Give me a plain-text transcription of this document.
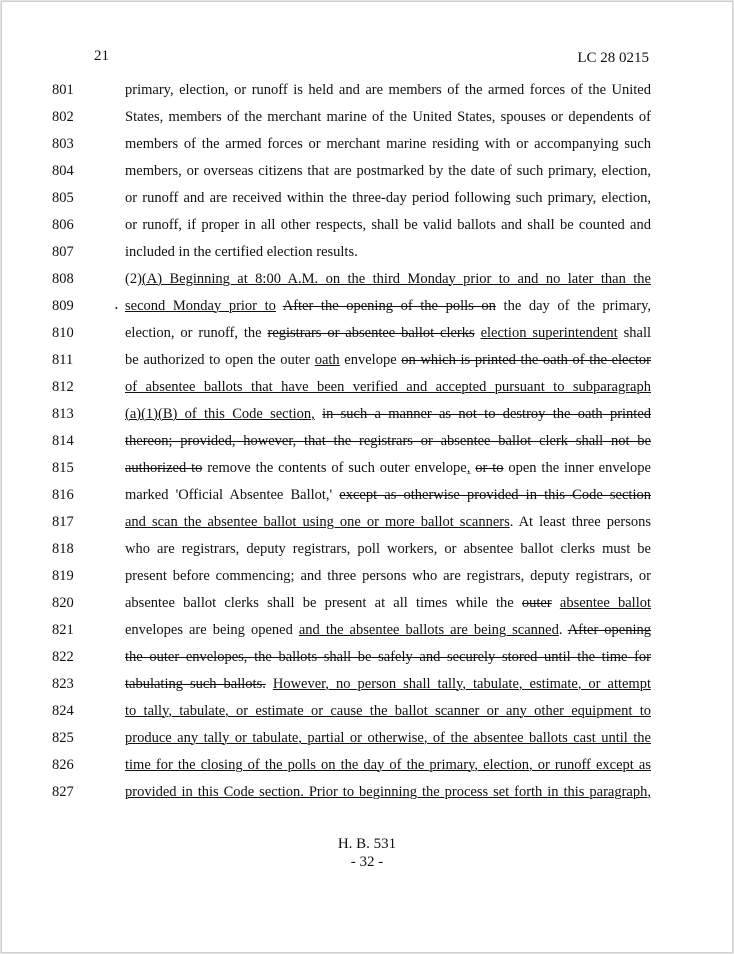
21	LC 28 0215
801	primary, election, or runoff is held and are members of the armed forces of the United
802	States, members of the merchant marine of the United States, spouses or dependents of
803	members of the armed forces or merchant marine residing with or accompanying such
804	members, or overseas citizens that are postmarked by the date of such primary, election,
805	or runoff and are received within the three-day period following such primary, election,
806	or runoff, if proper in all other respects, shall be valid ballots and shall be counted and
807	included in the certified election results.
808	(2)(A) Beginning at 8:00 A.M. on the third Monday prior to and no later than the
809	• second Monday prior to After the opening of the polls on the day of the primary,
810	election, or runoff, the registrars or absentee ballot clerks election superintendent shall
811	be authorized to open the outer oath envelope on which is printed the oath of the elector
812	of absentee ballots that have been verified and accepted pursuant to subparagraph
813	(a)(1)(B) of this Code section, in such a manner as not to destroy the oath printed
814	thereon; provided, however, that the registrars or absentee ballot clerk shall not be
815	authorized to remove the contents of such outer envelope, or to open the inner envelope
816	marked 'Official Absentee Ballot,' except as otherwise provided in this Code section
817	and scan the absentee ballot using one or more ballot scanners. At least three persons
818	who are registrars, deputy registrars, poll workers, or absentee ballot clerks must be
819	present before commencing; and three persons who are registrars, deputy registrars, or
820	absentee ballot clerks shall be present at all times while the outer absentee ballot
821	envelopes are being opened and the absentee ballots are being scanned. After opening
822	the outer envelopes, the ballots shall be safely and securely stored until the time for
823	tabulating such ballots. However, no person shall tally, tabulate, estimate, or attempt
824	to tally, tabulate, or estimate or cause the ballot scanner or any other equipment to
825	produce any tally or tabulate, partial or otherwise, of the absentee ballots cast until the
826	time for the closing of the polls on the day of the primary, election, or runoff except as
827	provided in this Code section. Prior to beginning the process set forth in this paragraph,
H. B. 531
- 32 -
